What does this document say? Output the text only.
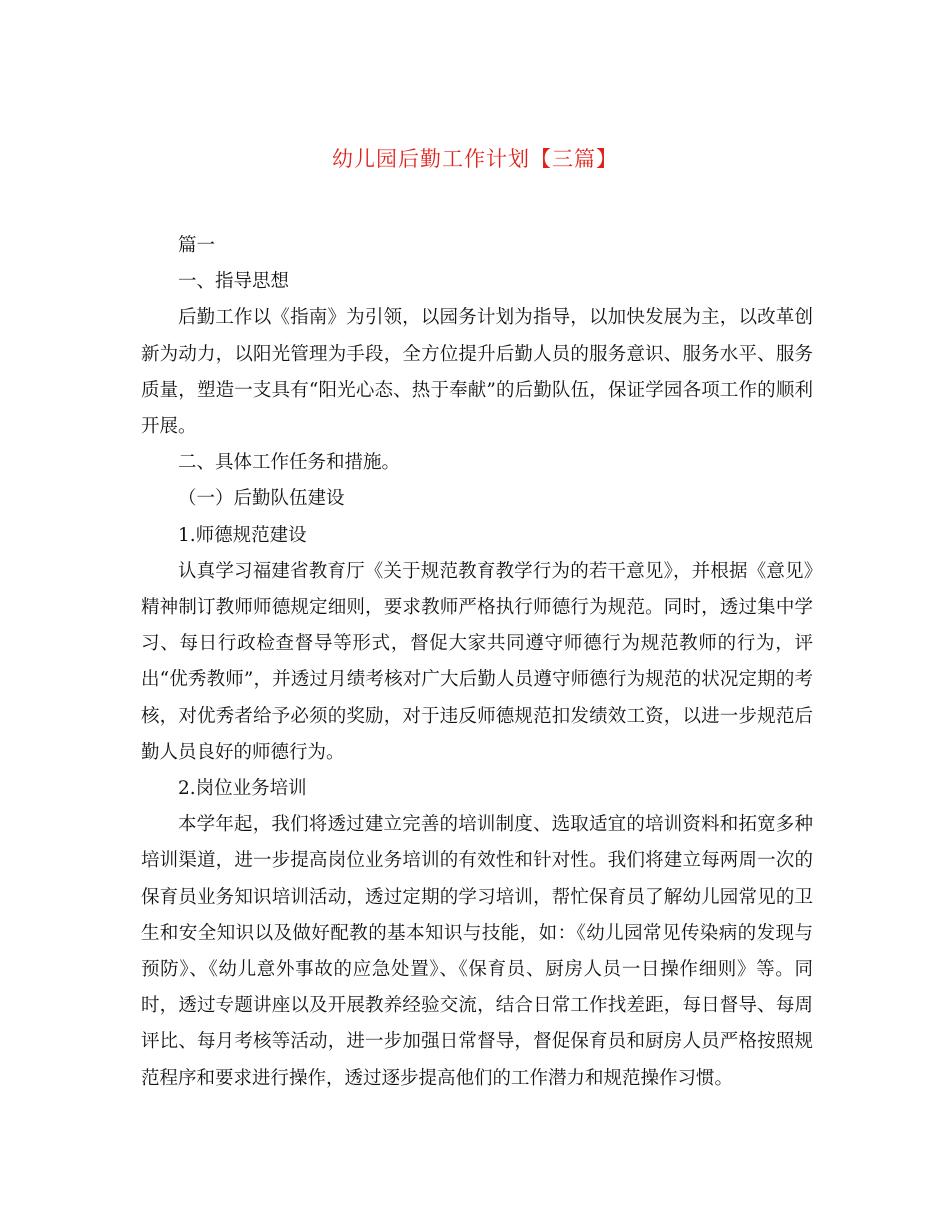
幼儿园后勤工作计划【三篇】

篇一

一、指导思想

后勤工作以《指南》为引领，以园务计划为指导，以加快发展为主，以改革创新为动力，以阳光管理为手段，全方位提升后勤人员的服务意识、服务水平、服务质量，塑造一支具有“阳光心态、热于奉献”的后勤队伍，保证学园各项工作的顺利开展。

二、具体工作任务和措施。

（一）后勤队伍建设

1.师德规范建设

认真学习福建省教育厅《关于规范教育教学行为的若干意见》，并根据《意见》精神制订教师师德规定细则，要求教师严格执行师德行为规范。同时，透过集中学习、每日行政检查督导等形式，督促大家共同遵守师德行为规范教师的行为，评出“优秀教师”，并透过月绩考核对广大后勤人员遵守师德行为规范的状况定期的考核，对优秀者给予必须的奖励，对于违反师德规范扣发绩效工资，以进一步规范后勤人员良好的师德行为。

2.岗位业务培训

本学年起，我们将透过建立完善的培训制度、选取适宜的培训资料和拓宽多种培训渠道，进一步提高岗位业务培训的有效性和针对性。我们将建立每两周一次的保育员业务知识培训活动，透过定期的学习培训，帮忙保育员了解幼儿园常见的卫生和安全知识以及做好配教的基本知识与技能，如：《幼儿园常见传染病的发现与预防》、《幼儿意外事故的应急处置》、《保育员、厨房人员一日操作细则》等。同时，透过专题讲座以及开展教养经验交流，结合日常工作找差距，每日督导、每周评比、每月考核等活动，进一步加强日常督导，督促保育员和厨房人员严格按照规范程序和要求进行操作，透过逐步提高他们的工作潜力和规范操作习惯。
